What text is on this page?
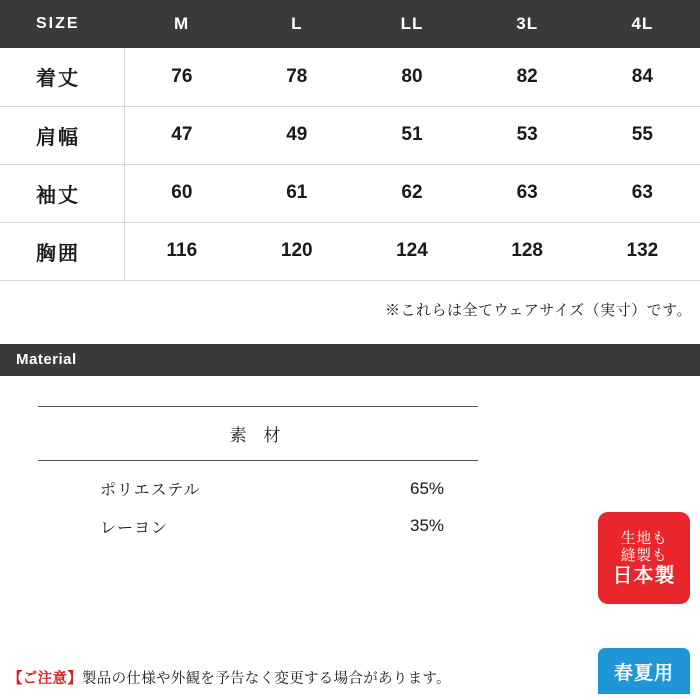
SIZE	M	L	LL	3L	4L
着丈	76	78	80	82	84
肩幅	47	49	51	53	55
袖丈	60	61	62	63	63
胸囲	116	120	124	128	132
※これらは全てウェアサイズ（実寸）です。
Material
素 材	
ポリエステル	65%
レーヨン	35%
生地も
縫製も
日本製
春夏用
【ご注意】製品の仕様や外観を予告なく変更する場合があります。
